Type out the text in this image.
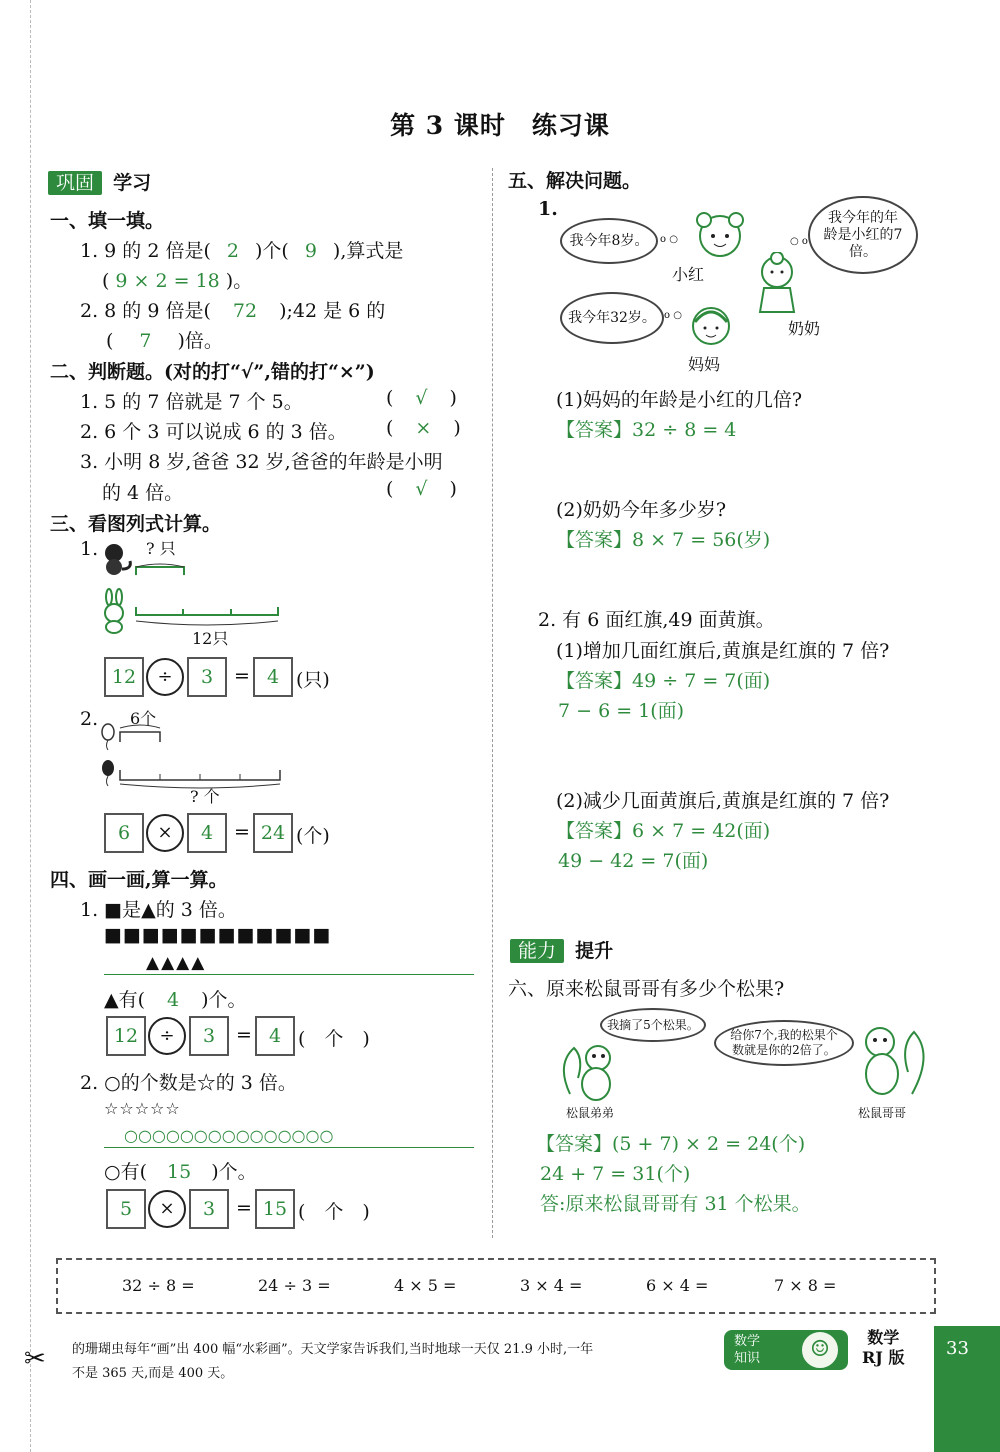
第 3 课时　练习课
巩固 学习
一、填一填。
1. 9 的 2 倍是( 2 )个( 9 ),算式是
( 9 × 2 = 18 )。
2. 8 的 9 倍是( 72 );42 是 6 的
( 7 )倍。
二、判断题。(对的打“√”,错的打“×”)
1. 5 的 7 倍就是 7 个 5。	( √ )
2. 6 个 3 可以说成 6 的 3 倍。 ( × )
3. 小明 8 岁,爸爸 32 岁,爸爸的年龄是小明
的 4 倍。	( √ )
三、看图列式计算。
1.	? 只
12只
12	÷	3	= 4 (只)
2. 6个
? 个
6	×	4	= 24 (个)
四、画一画,算一算。
1. ■是▲的 3 倍。
■■■■■■■■■■■■
▲▲▲▲
▲有( 4 )个。
12	÷	3	= 4 (　个　)
2. ○的个数是☆的 3 倍。
☆☆☆☆☆
○○○○○○○○○○○○○○○
○有( 15 )个。
5	×	3	= 15 (　个　)
五、解决问题。
1.
我今年8岁。	o ○
小红
我今年的年龄是小红的7倍。
○ o
奶奶
我今年32岁。 o ○
妈妈
(1)妈妈的年龄是小红的几倍?
【答案】32 ÷ 8 = 4
(2)奶奶今年多少岁?
【答案】8 × 7 = 56(岁)
2. 有 6 面红旗,49 面黄旗。
(1)增加几面红旗后,黄旗是红旗的 7 倍?
【答案】49 ÷ 7 = 7(面)
7 − 6 = 1(面)
(2)减少几面黄旗后,黄旗是红旗的 7 倍?
【答案】6 × 7 = 42(面)
49 − 42 = 7(面)
能力 提升
六、原来松鼠哥哥有多少个松果?
我摘了5个松果。
松鼠弟弟
给你7个,我的松果个数就是你的2倍了。
松鼠哥哥
【答案】(5 + 7) × 2 = 24(个)
24 + 7 = 31(个)
答:原来松鼠哥哥有 31 个松果。
32 ÷ 8 =	24 ÷ 3 =	4 × 5 =	3 × 4 =	6 × 4 =	7 × 8 =
✂ 的珊瑚虫每年“画”出 400 幅“水彩画”。天文学家告诉我们,当时地球一天仅 21.9 小时,一年
不是 365 天,而是 400 天。
数学
知识	☺	数学
RJ 版 33
